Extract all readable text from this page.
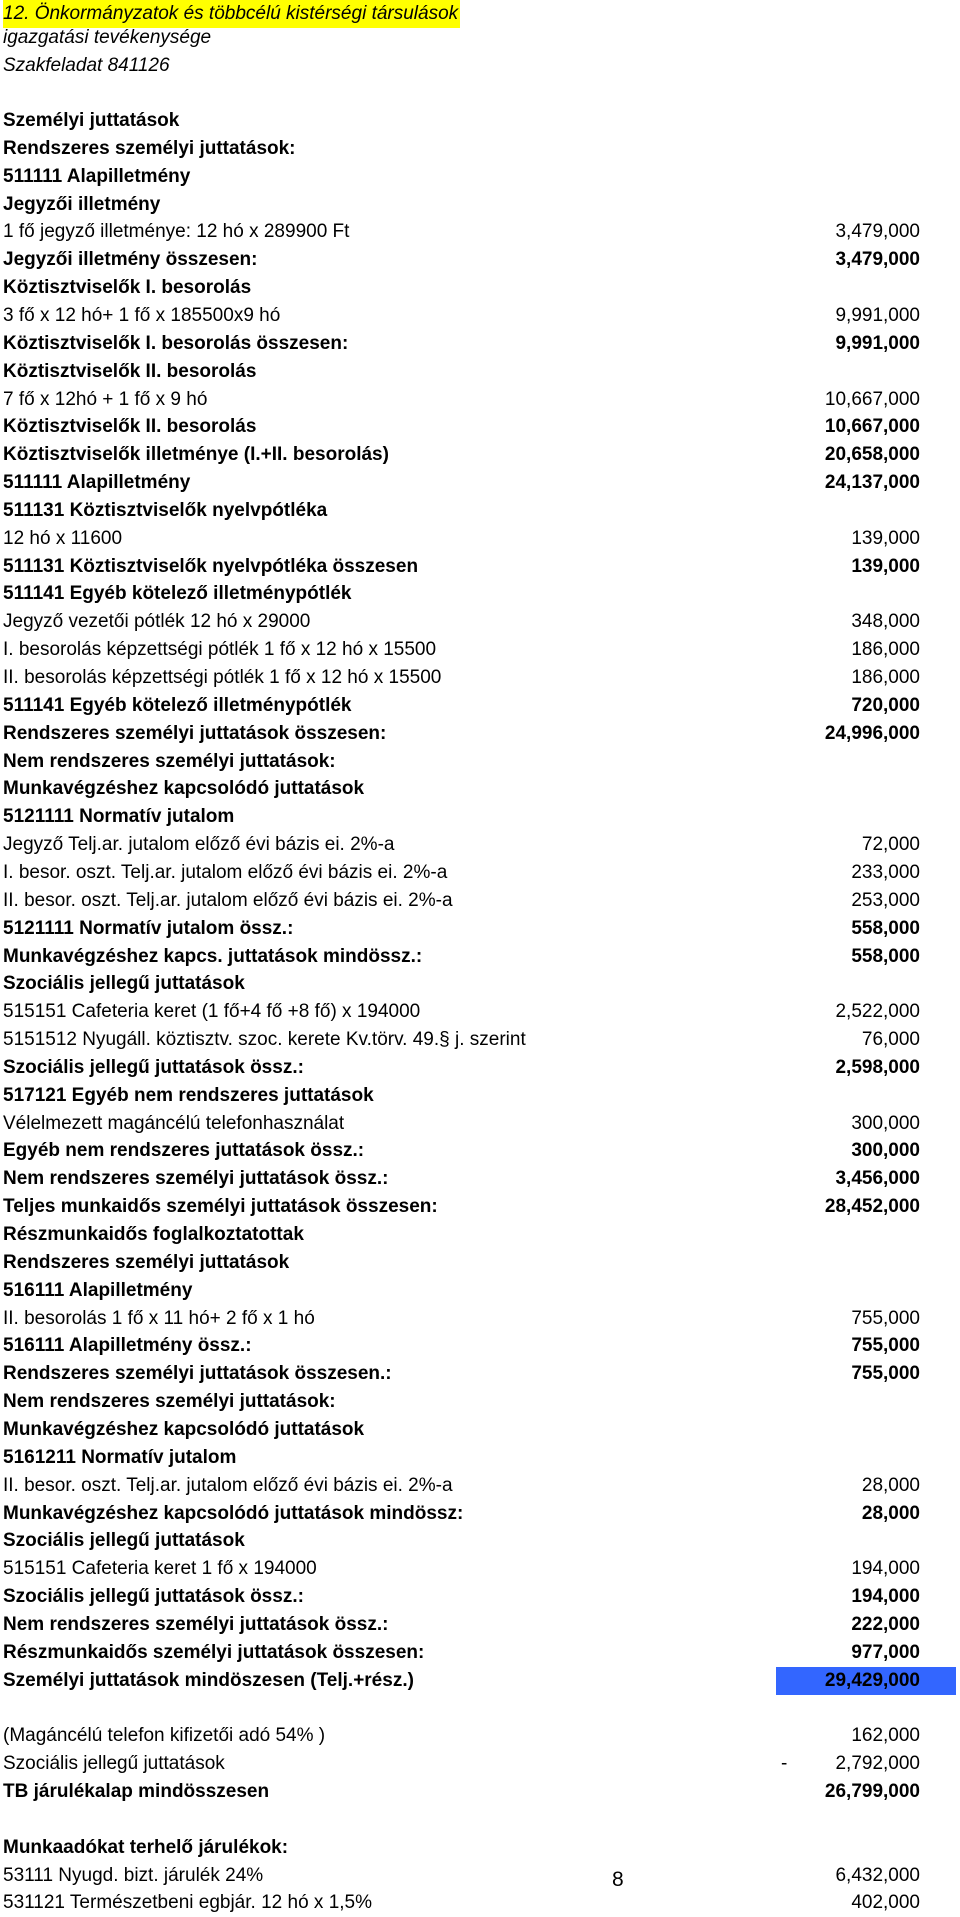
12. Önkormányzatok és többcélú kistérségi társulások
igazgatási tevékenysége
Szakfeladat 841126
Személyi juttatások
Rendszeres személyi juttatások:
511111 Alapilletmény
Jegyzői illetmény
1 fő jegyző illetménye: 12 hó x 289900 Ft	3,479,000
Jegyzői illetmény összesen:	3,479,000
Köztisztviselők I. besorolás
3 fő x 12 hó+ 1 fő x 185500x9 hó	9,991,000
Köztisztviselők I. besorolás összesen:	9,991,000
Köztisztviselők II. besorolás
7 fő x 12hó + 1 fő x 9 hó	10,667,000
Köztisztviselők II. besorolás	10,667,000
Köztisztviselők illetménye (I.+II. besorolás)	20,658,000
511111 Alapilletmény	24,137,000
511131 Köztisztviselők nyelvpótléka
12 hó x 11600	139,000
511131 Köztisztviselők nyelvpótléka összesen	139,000
511141 Egyéb kötelező illetménypótlék
Jegyző vezetői pótlék 12 hó x 29000	348,000
I. besorolás képzettségi pótlék 1 fő x 12 hó x 15500	186,000
II. besorolás képzettségi pótlék 1 fő x 12 hó x 15500	186,000
511141 Egyéb kötelező illetménypótlék	720,000
Rendszeres személyi juttatások összesen:	24,996,000
Nem rendszeres személyi juttatások:
Munkavégzéshez kapcsolódó juttatások
5121111 Normatív jutalom
Jegyző Telj.ar. jutalom előző évi bázis ei. 2%-a	72,000
I. besor. oszt. Telj.ar. jutalom előző évi bázis ei. 2%-a	233,000
II. besor. oszt. Telj.ar. jutalom előző évi bázis ei. 2%-a	253,000
5121111 Normatív jutalom össz.:	558,000
Munkavégzéshez kapcs. juttatások mindössz.:	558,000
Szociális jellegű juttatások
515151 Cafeteria keret (1 fő+4 fő +8 fő) x 194000	2,522,000
5151512 Nyugáll. köztisztv. szoc. kerete Kv.törv. 49.§ j. szerint	76,000
Szociális jellegű juttatások össz.:	2,598,000
517121 Egyéb nem rendszeres juttatások
Vélelmezett magáncélú telefonhasználat	300,000
Egyéb nem rendszeres juttatások össz.:	300,000
Nem rendszeres személyi juttatások össz.:	3,456,000
Teljes munkaidős személyi juttatások összesen:	28,452,000
Részmunkaidős foglalkoztatottak
Rendszeres személyi juttatások
516111 Alapilletmény
II. besorolás 1 fő x 11 hó+ 2 fő x 1 hó	755,000
516111 Alapilletmény össz.:	755,000
Rendszeres személyi juttatások összesen.:	755,000
Nem rendszeres személyi juttatások:
Munkavégzéshez kapcsolódó juttatások
5161211 Normatív jutalom
II. besor. oszt. Telj.ar. jutalom előző évi bázis ei. 2%-a	28,000
Munkavégzéshez kapcsolódó juttatások mindössz:	28,000
Szociális jellegű juttatások
515151 Cafeteria keret 1 fő x 194000	194,000
Szociális jellegű juttatások össz.:	194,000
Nem rendszeres személyi juttatások össz.:	222,000
Részmunkaidős személyi juttatások összesen:	977,000
Személyi juttatások mindöszesen (Telj.+rész.)	29,429,000
(Magáncélú telefon kifizetői adó 54% )	162,000
Szociális jellegű juttatások	-	2,792,000
TB járulékalap mindösszesen	26,799,000
Munkaadókat terhelő járulékok:
53111 Nyugd. bizt. járulék 24%	6,432,000
531121 Természetbeni egbjár. 12 hó x 1,5%	402,000
8
